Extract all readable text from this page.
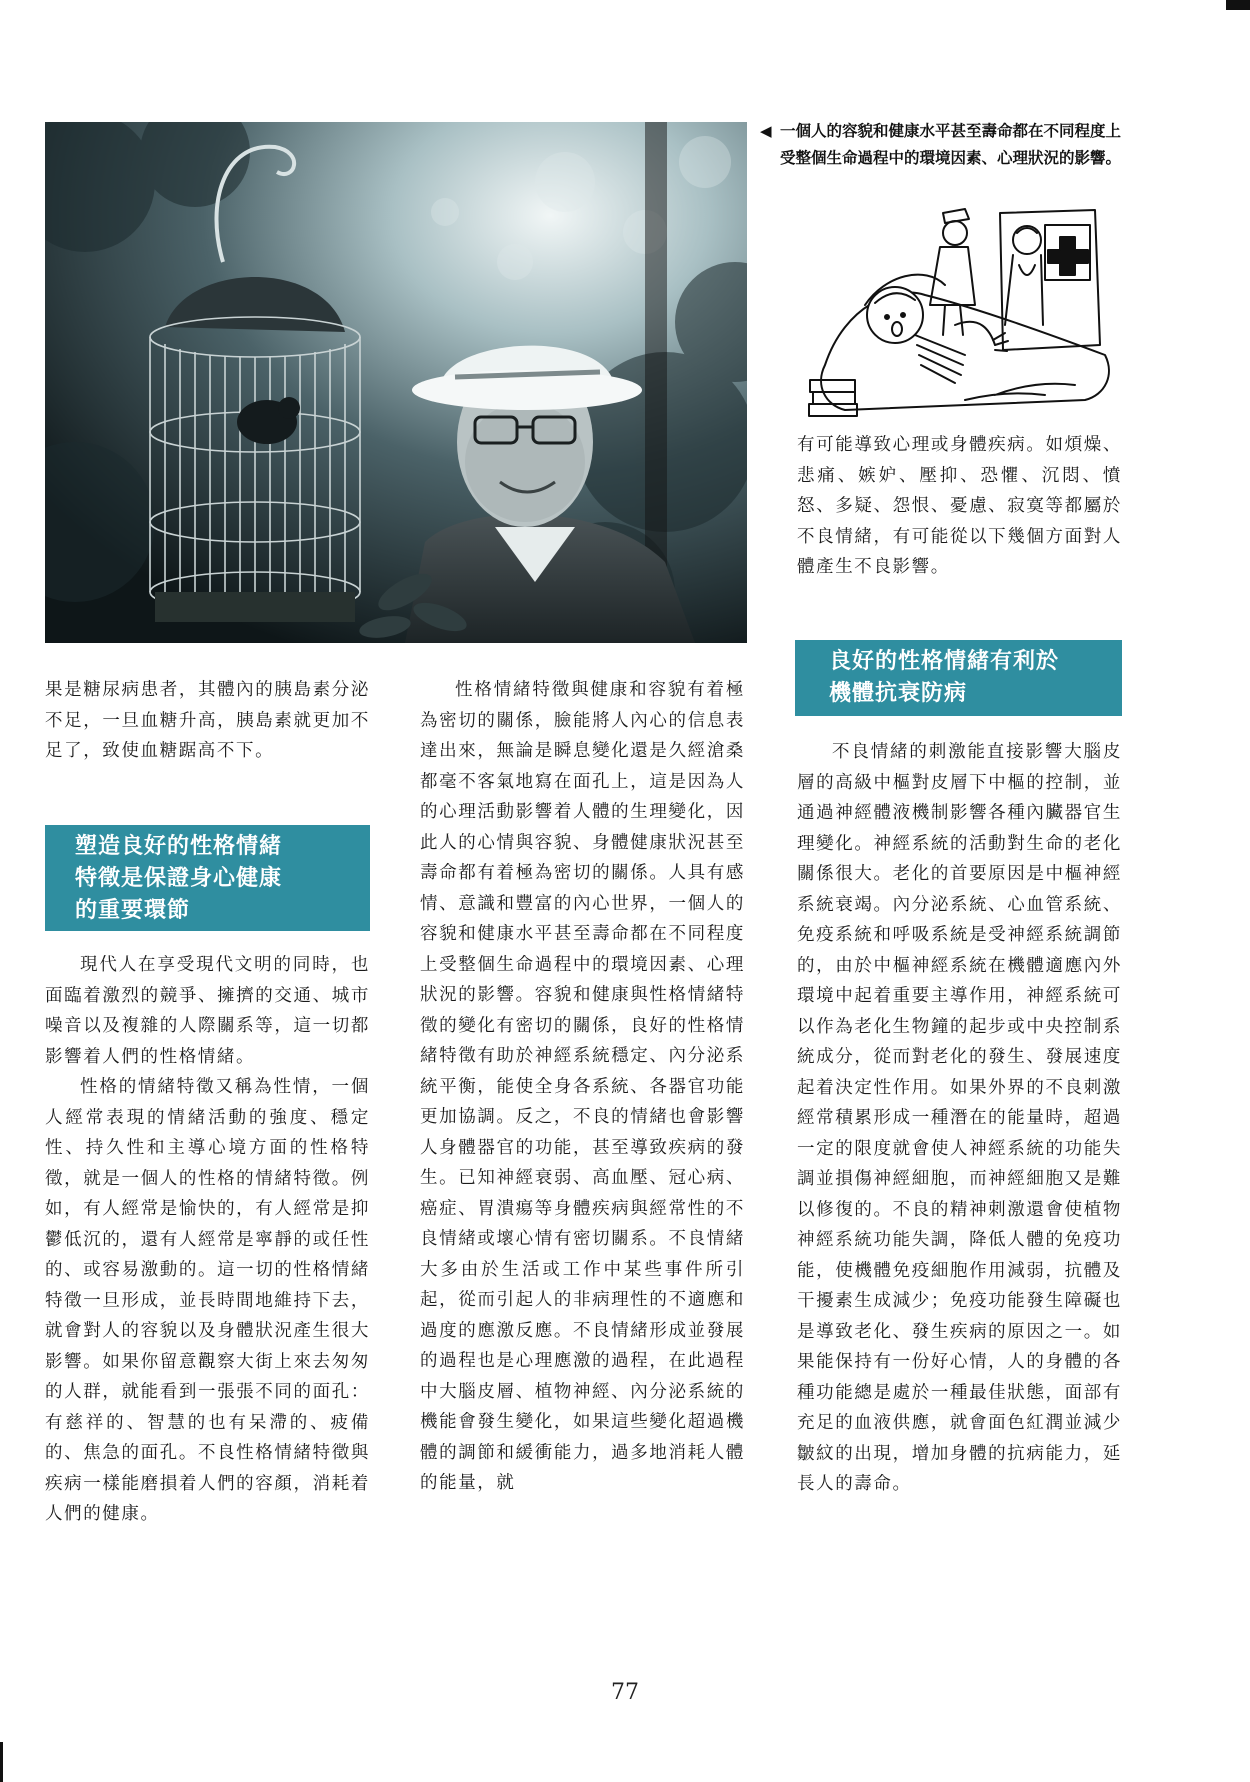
◀ 一個人的容貌和健康水平甚至壽命都在不同程度上受整個生命過程中的環境因素、心理狀況的影響。

果是糖尿病患者，其體內的胰島素分泌不足，一旦血糖升高，胰島素就更加不足了，致使血糖踞高不下。

塑造良好的性格情緒
特徵是保證身心健康
的重要環節

現代人在享受現代文明的同時，也面臨着激烈的競爭、擁擠的交通、城市噪音以及複雜的人際關系等，這一切都影響着人們的性格情緒。

性格的情緒特徵又稱為性情，一個人經常表現的情緒活動的強度、穩定性、持久性和主導心境方面的性格特徵，就是一個人的性格的情緒特徵。例如，有人經常是愉快的，有人經常是抑鬱低沉的，還有人經常是寧靜的或任性的、或容易激動的。這一切的性格情緒特徵一旦形成，並長時間地維持下去，就會對人的容貌以及身體狀況產生很大影響。如果你留意觀察大街上來去匆匆的人群，就能看到一張張不同的面孔：有慈祥的、智慧的也有呆滯的、疲備的、焦急的面孔。不良性格情緒特徵與疾病一樣能磨損着人們的容顏，消耗着人們的健康。

性格情緒特徵與健康和容貌有着極為密切的關係，臉能將人內心的信息表達出來，無論是瞬息變化還是久經滄桑都毫不客氣地寫在面孔上，這是因為人的心理活動影響着人體的生理變化，因此人的心情與容貌、身體健康狀況甚至壽命都有着極為密切的關係。人具有感情、意識和豐富的內心世界，一個人的容貌和健康水平甚至壽命都在不同程度上受整個生命過程中的環境因素、心理狀況的影響。容貌和健康與性格情緒特徵的變化有密切的關係，良好的性格情緒特徵有助於神經系統穩定、內分泌系統平衡，能使全身各系統、各器官功能更加協調。反之，不良的情緒也會影響人身體器官的功能，甚至導致疾病的發生。已知神經衰弱、高血壓、冠心病、癌症、胃潰瘍等身體疾病與經常性的不良情緒或壞心情有密切關系。不良情緒大多由於生活或工作中某些事件所引起，從而引起人的非病理性的不適應和過度的應激反應。不良情緒形成並發展的過程也是心理應激的過程，在此過程中大腦皮層、植物神經、內分泌系統的機能會發生變化，如果這些變化超過機體的調節和緩衝能力，過多地消耗人體的能量，就

有可能導致心理或身體疾病。如煩燥、悲痛、嫉妒、壓抑、恐懼、沉悶、憤怒、多疑、怨恨、憂慮、寂寞等都屬於不良情緒，有可能從以下幾個方面對人體產生不良影響。

良好的性格情緒有利於
機體抗衰防病

不良情緒的刺激能直接影響大腦皮層的高級中樞對皮層下中樞的控制，並通過神經體液機制影響各種內臟器官生理變化。神經系統的活動對生命的老化關係很大。老化的首要原因是中樞神經系統衰竭。內分泌系統、心血管系統、免疫系統和呼吸系統是受神經系統調節的，由於中樞神經系統在機體適應內外環境中起着重要主導作用，神經系統可以作為老化生物鐘的起步或中央控制系統成分，從而對老化的發生、發展速度起着決定性作用。如果外界的不良刺激經常積累形成一種潛在的能量時，超過一定的限度就會使人神經系統的功能失調並損傷神經細胞，而神經細胞又是難以修復的。不良的精神刺激還會使植物神經系統功能失調，降低人體的免疫功能，使機體免疫細胞作用減弱，抗體及干擾素生成減少；免疫功能發生障礙也是導致老化、發生疾病的原因之一。如果能保持有一份好心情，人的身體的各種功能總是處於一種最佳狀態，面部有充足的血液供應，就會面色紅潤並減少皺紋的出現，增加身體的抗病能力，延長人的壽命。

77
